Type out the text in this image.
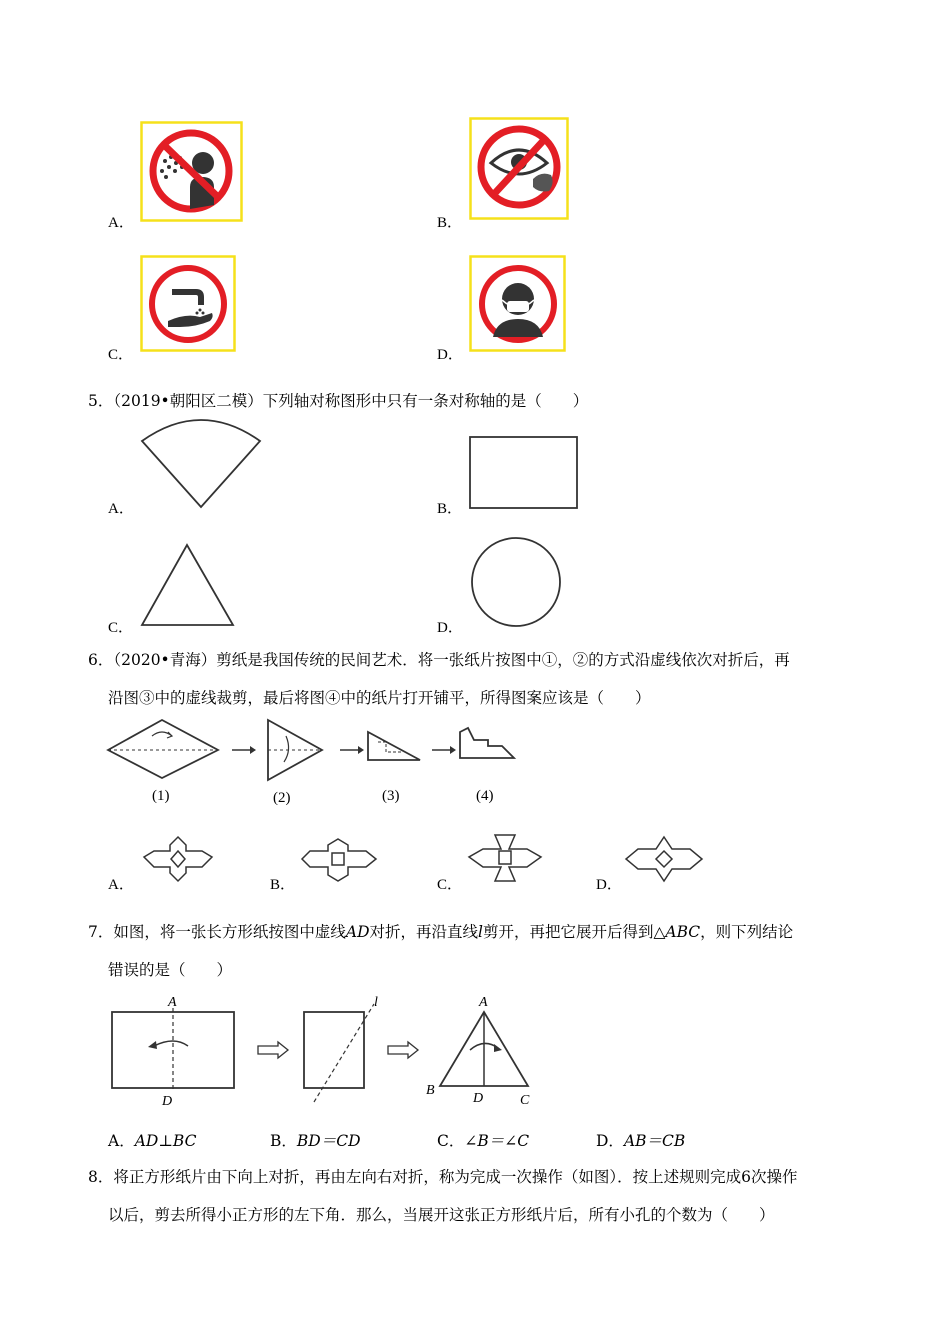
A．	B．
C．	D．
5．（2019•朝阳区二模）下列轴对称图形中只有一条对称轴的是（　　）
A．	B．
C．	D．
6．（2020•青海）剪纸是我国传统的民间艺术．将一张纸片按图中①，②的方式沿虚线依次对折后，再
沿图③中的虚线裁剪，最后将图④中的纸片打开铺平，所得图案应该是（　　）
(1)	(2)	(3)	(4)
A．	B．	C．	D．
7．如图，将一张长方形纸按图中虚线AD对折，再沿直线l剪开，再把它展开后得到△ABC，则下列结论
错误的是（　　）
A
D
l	A
B
D	C
A．AD⊥BC	B．BD＝CD	C．∠B＝∠C	D．AB＝CB
8．将正方形纸片由下向上对折，再由左向右对折，称为完成一次操作（如图）．按上述规则完成6次操作
以后，剪去所得小正方形的左下角．那么，当展开这张正方形纸片后，所有小孔的个数为（　　）
